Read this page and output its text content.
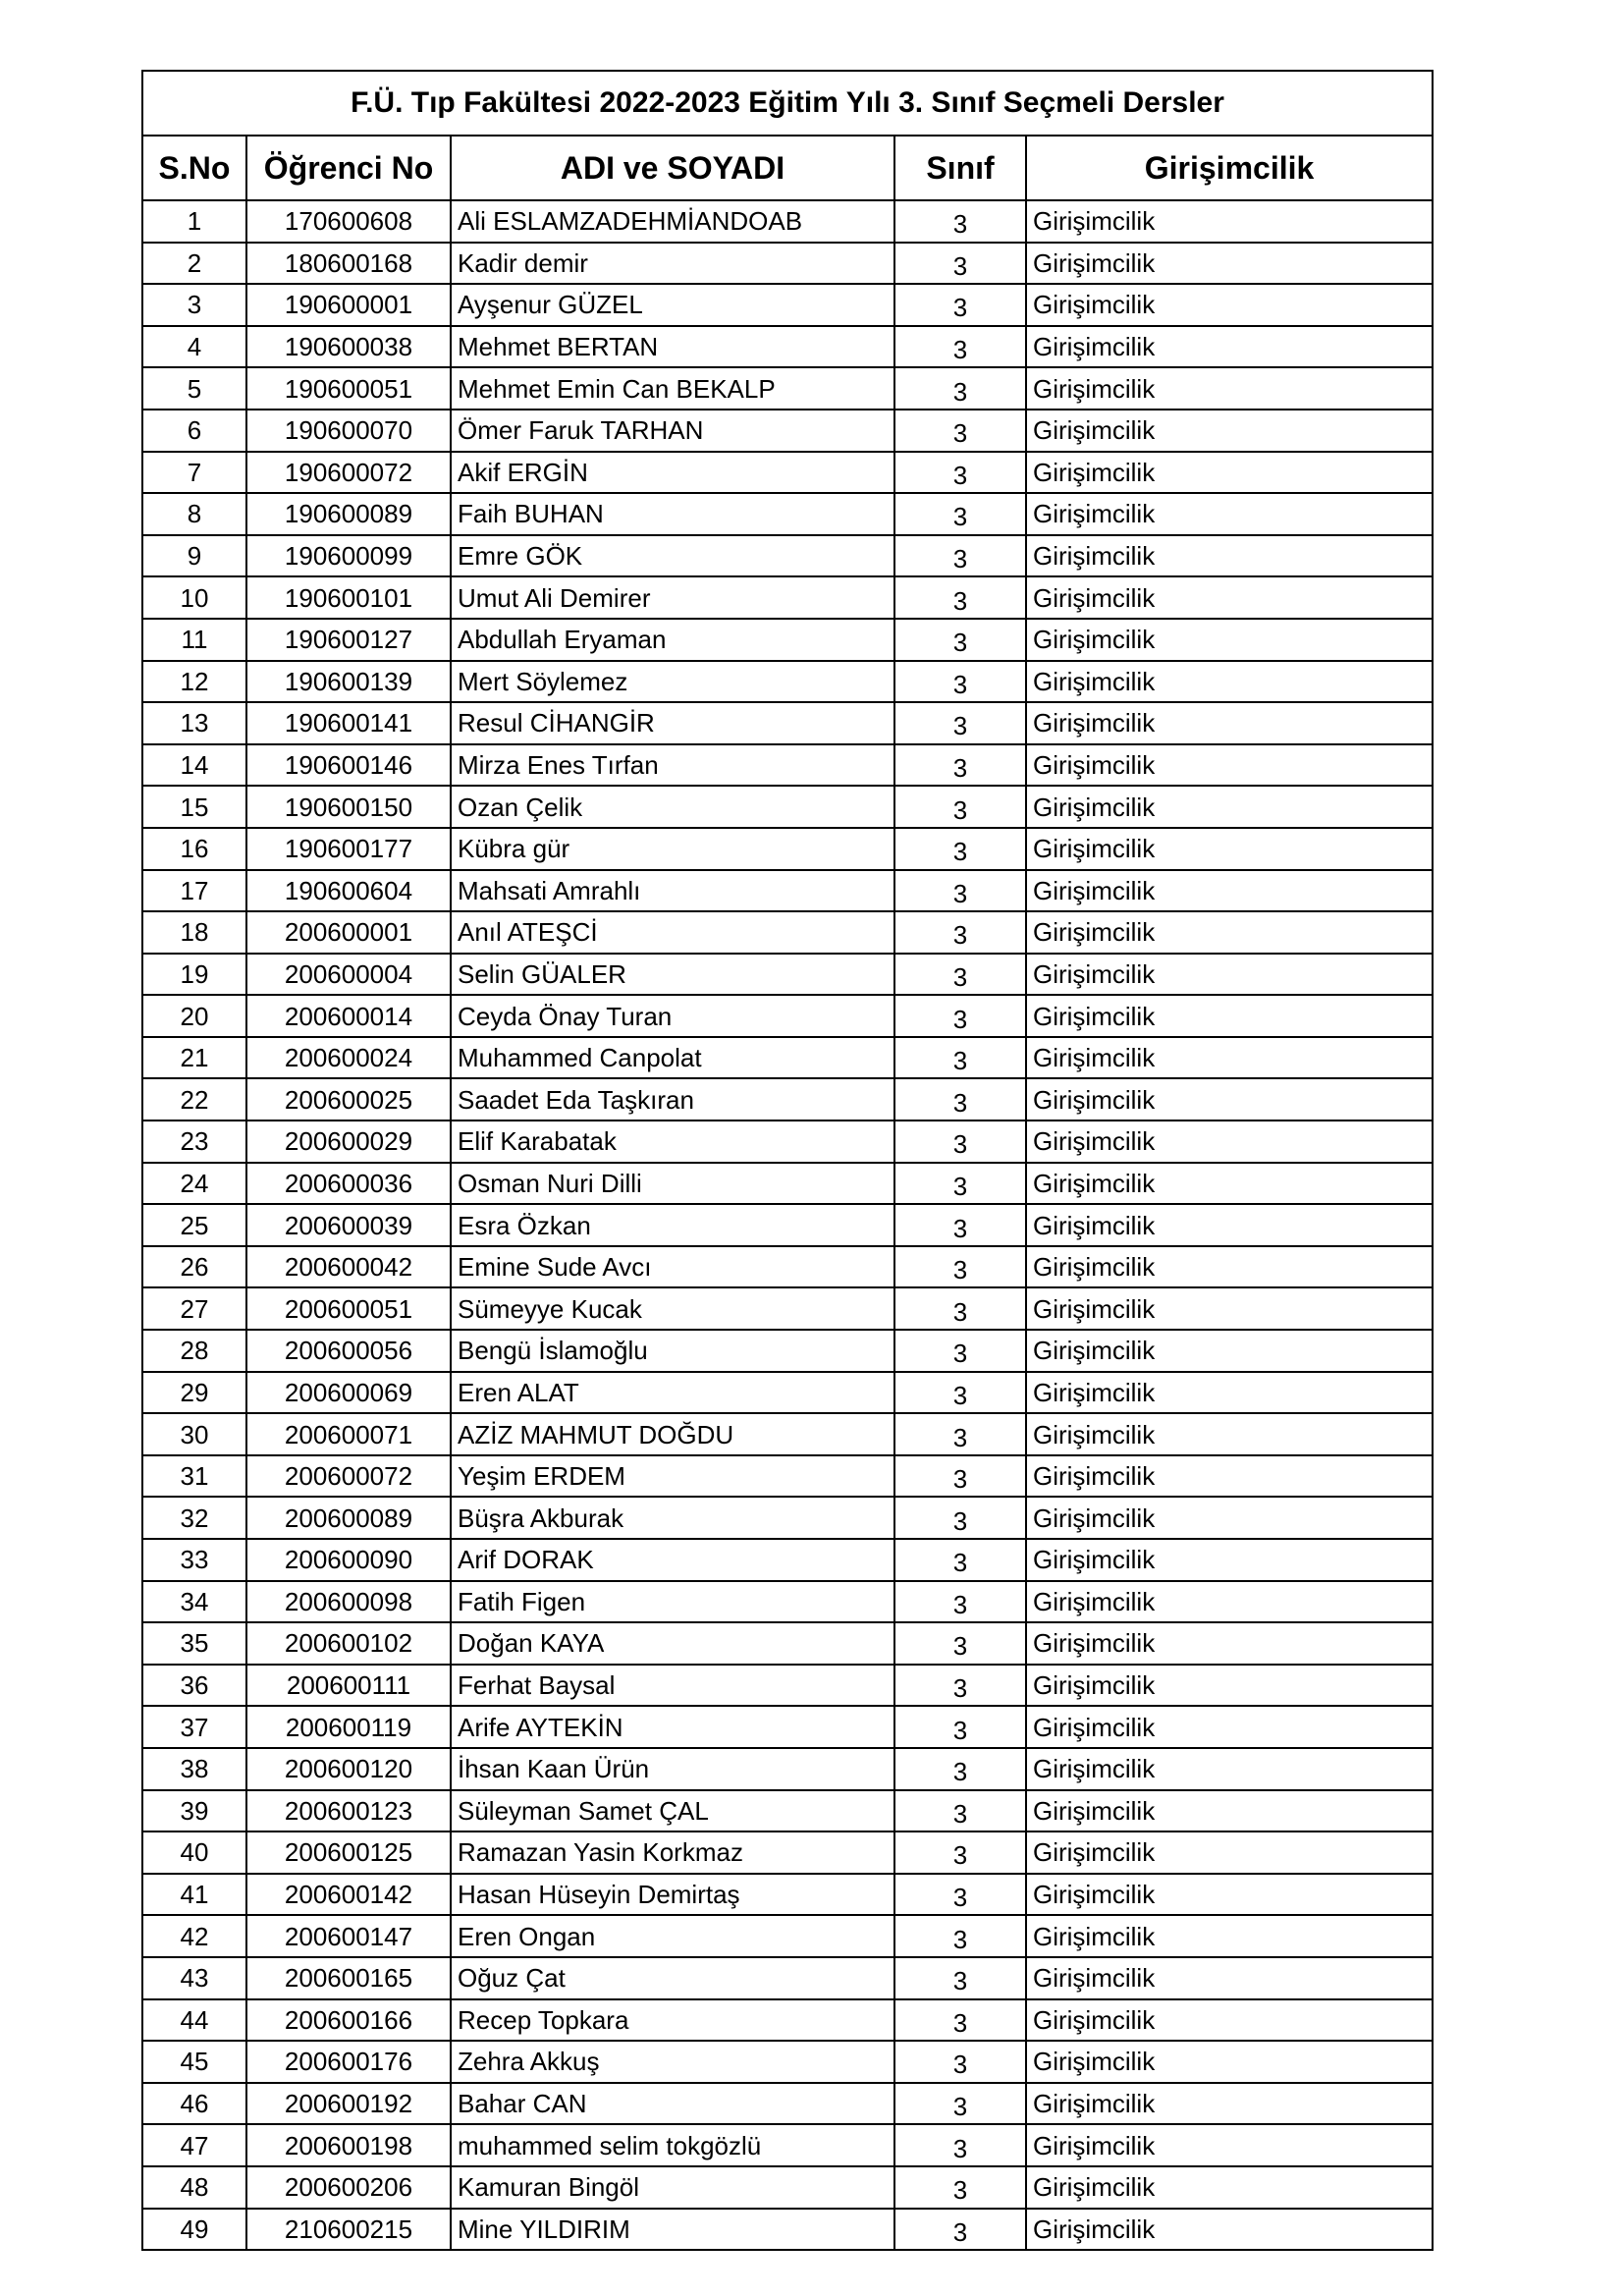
F.Ü. Tıp Fakültesi 2022-2023 Eğitim Yılı 3. Sınıf Seçmeli Dersler				
S.No	Öğrenci No	ADI ve SOYADI	Sınıf	Girişimcilik
1	170600608	Ali ESLAMZADEHMİANDOAB	3	Girişimcilik
2	180600168	Kadir demir	3	Girişimcilik
3	190600001	Ayşenur GÜZEL	3	Girişimcilik
4	190600038	Mehmet BERTAN	3	Girişimcilik
5	190600051	Mehmet Emin Can BEKALP	3	Girişimcilik
6	190600070	Ömer Faruk TARHAN	3	Girişimcilik
7	190600072	Akif ERGİN	3	Girişimcilik
8	190600089	Faih BUHAN	3	Girişimcilik
9	190600099	Emre GÖK	3	Girişimcilik
10	190600101	Umut Ali Demirer	3	Girişimcilik
11	190600127	Abdullah Eryaman	3	Girişimcilik
12	190600139	Mert Söylemez	3	Girişimcilik
13	190600141	Resul CİHANGİR	3	Girişimcilik
14	190600146	Mirza Enes Tırfan	3	Girişimcilik
15	190600150	Ozan Çelik	3	Girişimcilik
16	190600177	Kübra gür	3	Girişimcilik
17	190600604	Mahsati Amrahlı	3	Girişimcilik
18	200600001	Anıl ATEŞCİ	3	Girişimcilik
19	200600004	Selin GÜALER	3	Girişimcilik
20	200600014	Ceyda Önay Turan	3	Girişimcilik
21	200600024	Muhammed Canpolat	3	Girişimcilik
22	200600025	Saadet Eda Taşkıran	3	Girişimcilik
23	200600029	Elif Karabatak	3	Girişimcilik
24	200600036	Osman Nuri Dilli	3	Girişimcilik
25	200600039	Esra Özkan	3	Girişimcilik
26	200600042	Emine Sude Avcı	3	Girişimcilik
27	200600051	Sümeyye Kucak	3	Girişimcilik
28	200600056	Bengü İslamoğlu	3	Girişimcilik
29	200600069	Eren ALAT	3	Girişimcilik
30	200600071	AZİZ MAHMUT DOĞDU	3	Girişimcilik
31	200600072	Yeşim ERDEM	3	Girişimcilik
32	200600089	Büşra Akburak	3	Girişimcilik
33	200600090	Arif DORAK	3	Girişimcilik
34	200600098	Fatih Figen	3	Girişimcilik
35	200600102	Doğan KAYA	3	Girişimcilik
36	200600111	Ferhat Baysal	3	Girişimcilik
37	200600119	Arife AYTEKİN	3	Girişimcilik
38	200600120	İhsan Kaan Ürün	3	Girişimcilik
39	200600123	Süleyman Samet ÇAL	3	Girişimcilik
40	200600125	Ramazan Yasin Korkmaz	3	Girişimcilik
41	200600142	Hasan Hüseyin Demirtaş	3	Girişimcilik
42	200600147	Eren Ongan	3	Girişimcilik
43	200600165	Oğuz Çat	3	Girişimcilik
44	200600166	Recep Topkara	3	Girişimcilik
45	200600176	Zehra Akkuş	3	Girişimcilik
46	200600192	Bahar CAN	3	Girişimcilik
47	200600198	muhammed selim tokgözlü	3	Girişimcilik
48	200600206	Kamuran Bingöl	3	Girişimcilik
49	210600215	Mine YILDIRIM	3	Girişimcilik
